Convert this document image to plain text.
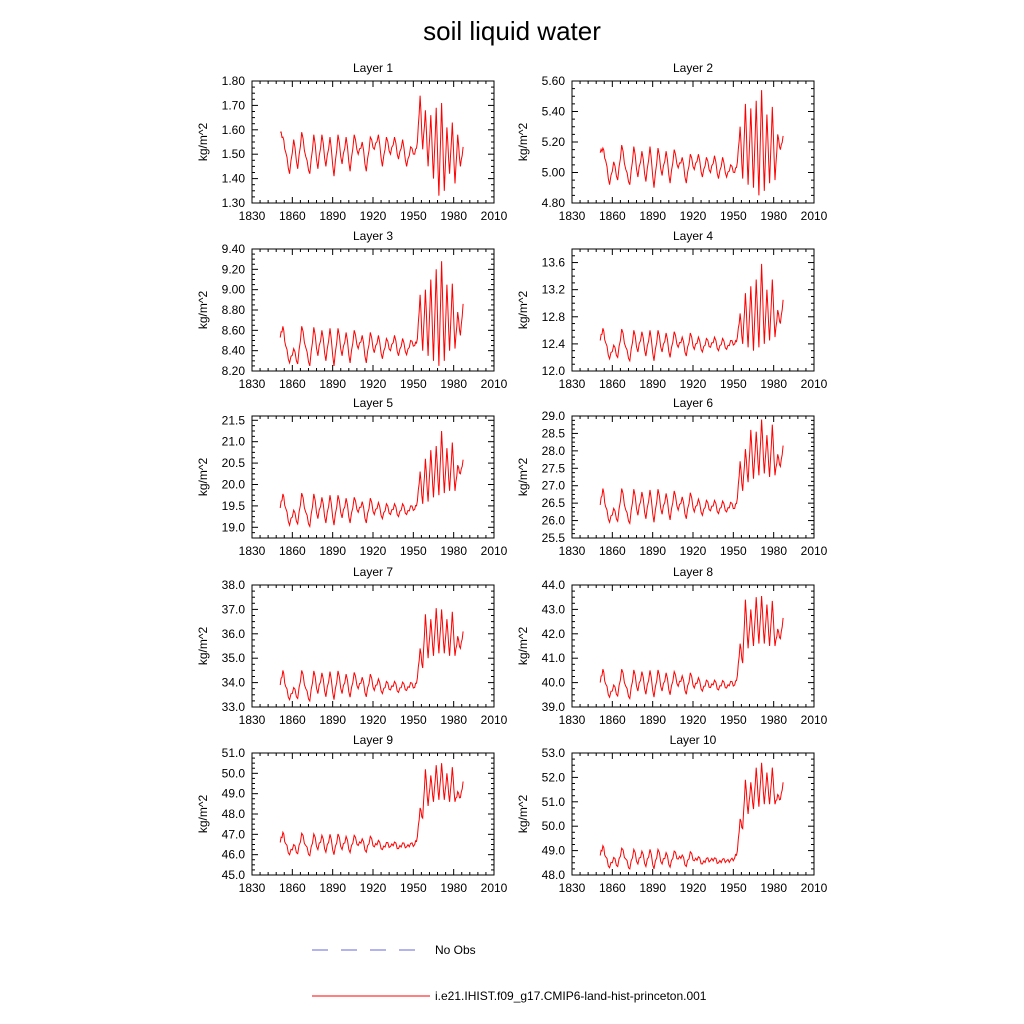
soil liquid water
Layer 1
kg/m^2
1830 1860 1890 1920 1950 1980 2010
1.30
1.40
1.50
1.60
1.70
1.80
Layer 2
kg/m^2
1830 1860 1890 1920 1950 1980 2010
4.80
5.00
5.20
5.40
5.60
Layer 3
kg/m^2
1830 1860 1890 1920 1950 1980 2010
8.20
8.40
8.60
8.80
9.00
9.20
9.40
Layer 4
kg/m^2
1830 1860 1890 1920 1950 1980 2010
12.0
12.4
12.8
13.2
13.6
Layer 5
kg/m^2
1830 1860 1890 1920 1950 1980 2010
19.0
19.5
20.0
20.5
21.0
21.5
Layer 6
kg/m^2
1830 1860 1890 1920 1950 1980 2010
25.5
26.0
26.5
27.0
27.5
28.0
28.5
29.0
Layer 7
kg/m^2
1830 1860 1890 1920 1950 1980 2010
33.0
34.0
35.0
36.0
37.0
38.0
Layer 8
kg/m^2
1830 1860 1890 1920 1950 1980 2010
39.0
40.0
41.0
42.0
43.0
44.0
Layer 9
kg/m^2
1830 1860 1890 1920 1950 1980 2010
45.0
46.0
47.0
48.0
49.0
50.0
51.0
Layer 10
kg/m^2
1830 1860 1890 1920 1950 1980 2010
48.0
49.0
50.0
51.0
52.0
53.0
No Obs
i.e21.IHIST.f09_g17.CMIP6-land-hist-princeton.001
